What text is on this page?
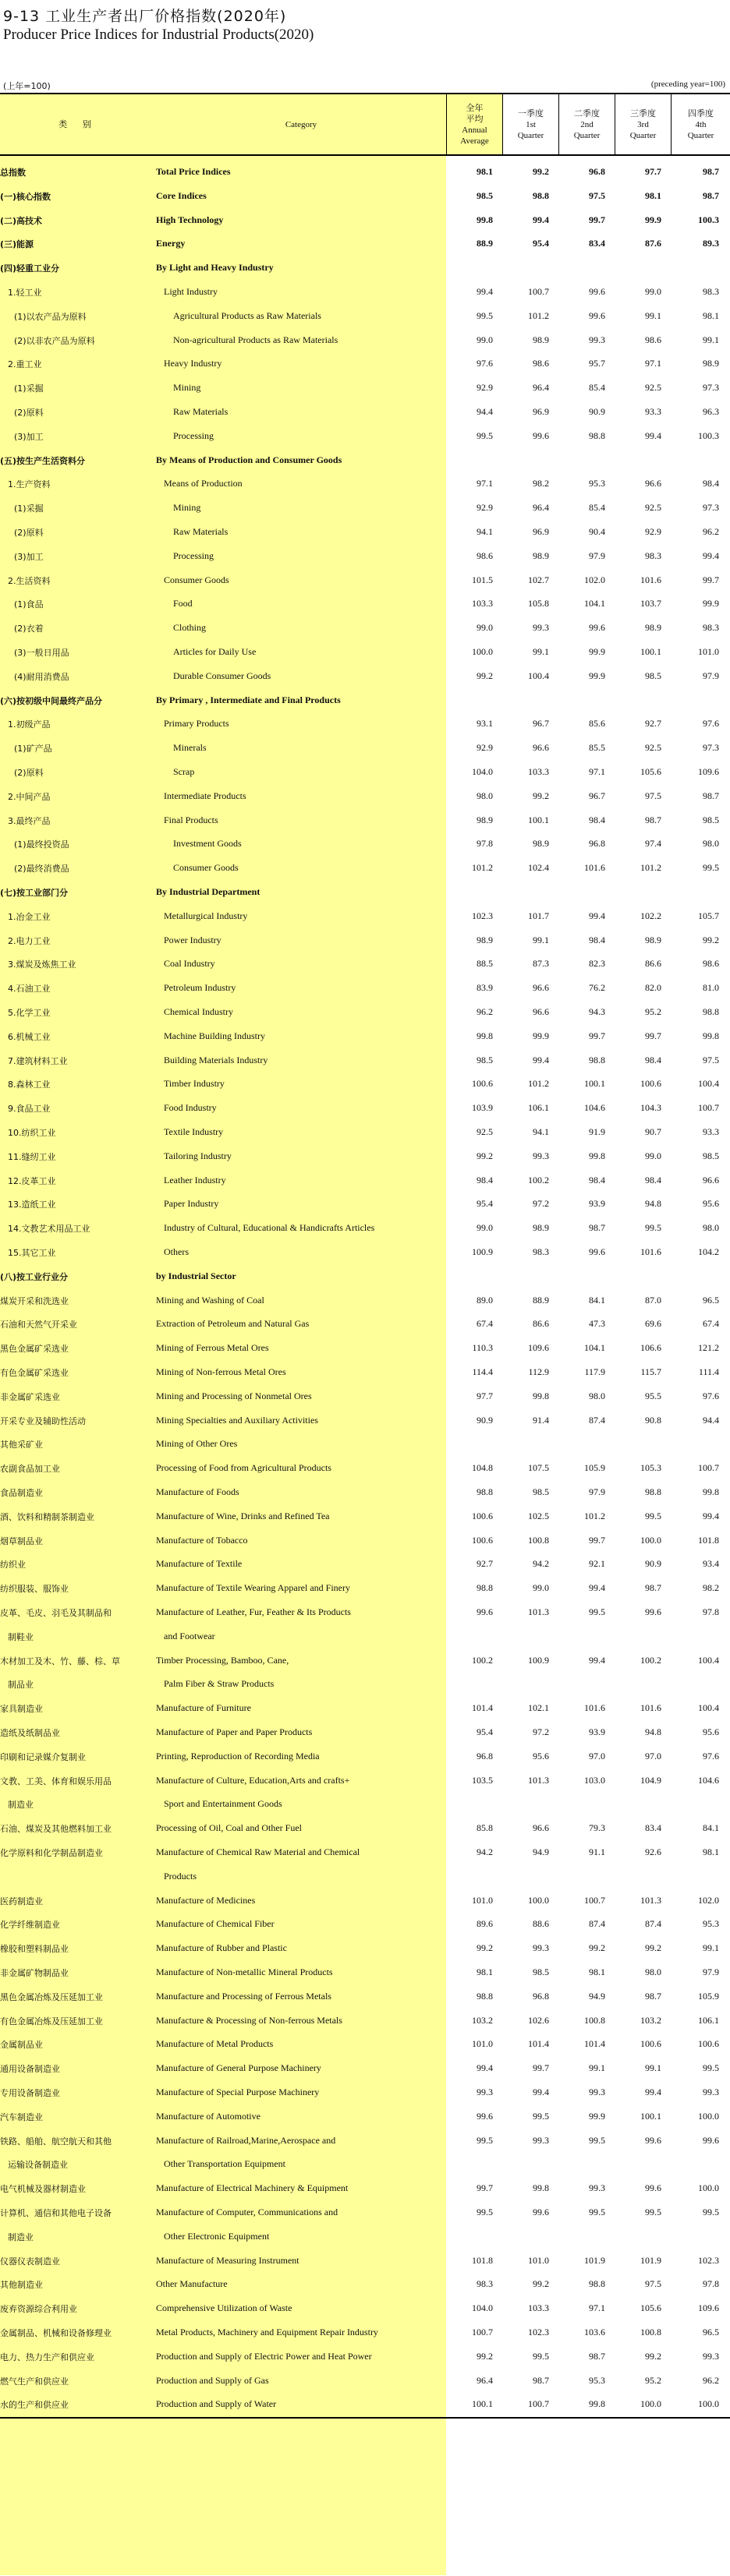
9-13 工业生产者出厂价格指数(2020年)
Producer Price Indices for Industrial Products(2020)
(上年=100)	(preceding year=100)
类 别	Category
全年
平均
Annual
Average
一季度
1st
Quarter
二季度
2nd
Quarter
三季度
3rd
Quarter
四季度
4th
Quarter
总指数	Total Price Indices	98.1	99.2	96.8	97.7	98.7
(一)核心指数	Core Indices	98.5	98.8	97.5	98.1	98.7
(二)高技术	High Technology	99.8	99.4	99.7	99.9	100.3
(三)能源	Energy	88.9	95.4	83.4	87.6	89.3
(四)轻重工业分	By Light and Heavy Industry
1.轻工业	Light Industry	99.4	100.7	99.6	99.0	98.3
(1)以农产品为原料	Agricultural Products as Raw Materials	99.5	101.2	99.6	99.1	98.1
(2)以非农产品为原料	Non-agricultural Products as Raw Materials	99.0	98.9	99.3	98.6	99.1
2.重工业	Heavy Industry	97.6	98.6	95.7	97.1	98.9
(1)采掘	Mining	92.9	96.4	85.4	92.5	97.3
(2)原料	Raw Materials	94.4	96.9	90.9	93.3	96.3
(3)加工	Processing	99.5	99.6	98.8	99.4	100.3
(五)按生产生活资料分	By Means of Production and Consumer Goods
1.生产资料	Means of Production	97.1	98.2	95.3	96.6	98.4
(1)采掘	Mining	92.9	96.4	85.4	92.5	97.3
(2)原料	Raw Materials	94.1	96.9	90.4	92.9	96.2
(3)加工	Processing	98.6	98.9	97.9	98.3	99.4
2.生活资料	Consumer Goods	101.5	102.7	102.0	101.6	99.7
(1)食品	Food	103.3	105.8	104.1	103.7	99.9
(2)衣着	Clothing	99.0	99.3	99.6	98.9	98.3
(3)一般日用品	Articles for Daily Use	100.0	99.1	99.9	100.1	101.0
(4)耐用消费品	Durable Consumer Goods	99.2	100.4	99.9	98.5	97.9
(六)按初级中间最终产品分	By Primary , Intermediate and Final Products
1.初级产品	Primary Products	93.1	96.7	85.6	92.7	97.6
(1)矿产品	Minerals	92.9	96.6	85.5	92.5	97.3
(2)原料	Scrap	104.0	103.3	97.1	105.6	109.6
2.中间产品	Intermediate Products	98.0	99.2	96.7	97.5	98.7
3.最终产品	Final Products	98.9	100.1	98.4	98.7	98.5
(1)最终投资品	Investment Goods	97.8	98.9	96.8	97.4	98.0
(2)最终消费品	Consumer Goods	101.2	102.4	101.6	101.2	99.5
(七)按工业部门分	By Industrial Department
1.冶金工业	Metallurgical Industry	102.3	101.7	99.4	102.2	105.7
2.电力工业	Power Industry	98.9	99.1	98.4	98.9	99.2
3.煤炭及炼焦工业	Coal Industry	88.5	87.3	82.3	86.6	98.6
4.石油工业	Petroleum Industry	83.9	96.6	76.2	82.0	81.0
5.化学工业	Chemical Industry	96.2	96.6	94.3	95.2	98.8
6.机械工业	Machine Building Industry	99.8	99.9	99.7	99.7	99.8
7.建筑材料工业	Building Materials Industry	98.5	99.4	98.8	98.4	97.5
8.森林工业	Timber Industry	100.6	101.2	100.1	100.6	100.4
9.食品工业	Food Industry	103.9	106.1	104.6	104.3	100.7
10.纺织工业	Textile Industry	92.5	94.1	91.9	90.7	93.3
11.缝纫工业	Tailoring Industry	99.2	99.3	99.8	99.0	98.5
12.皮革工业	Leather Industry	98.4	100.2	98.4	98.4	96.6
13.造纸工业	Paper Industry	95.4	97.2	93.9	94.8	95.6
14.文教艺术用品工业	Industry of Cultural, Educational & Handicrafts Articles	99.0	98.9	98.7	99.5	98.0
15.其它工业	Others	100.9	98.3	99.6	101.6	104.2
(八)按工业行业分	by Industrial Sector
煤炭开采和洗选业	Mining and Washing of Coal	89.0	88.9	84.1	87.0	96.5
石油和天然气开采业	Extraction of Petroleum and Natural Gas	67.4	86.6	47.3	69.6	67.4
黑色金属矿采选业	Mining of Ferrous Metal Ores	110.3	109.6	104.1	106.6	121.2
有色金属矿采选业	Mining of Non-ferrous Metal Ores	114.4	112.9	117.9	115.7	111.4
非金属矿采选业	Mining and Processing of Nonmetal Ores	97.7	99.8	98.0	95.5	97.6
开采专业及辅助性活动	Mining Specialties and Auxiliary Activities	90.9	91.4	87.4	90.8	94.4
其他采矿业	Mining of Other Ores
农副食品加工业	Processing of Food from Agricultural Products	104.8	107.5	105.9	105.3	100.7
食品制造业	Manufacture of Foods	98.8	98.5	97.9	98.8	99.8
酒、饮料和精制茶制造业	Manufacture of Wine, Drinks and Refined Tea	100.6	102.5	101.2	99.5	99.4
烟草制品业	Manufacture of Tobacco	100.6	100.8	99.7	100.0	101.8
纺织业	Manufacture of Textile	92.7	94.2	92.1	90.9	93.4
纺织服装、服饰业	Manufacture of Textile Wearing Apparel and Finery	98.8	99.0	99.4	98.7	98.2
皮革、毛皮、羽毛及其制品和	Manufacture of Leather, Fur, Feather & Its Products	99.6	101.3	99.5	99.6	97.8
制鞋业	and Footwear
木材加工及木、竹、藤、棕、草	Timber Processing, Bamboo, Cane,	100.2	100.9	99.4	100.2	100.4
制品业	Palm Fiber & Straw Products
家具制造业	Manufacture of Furniture	101.4	102.1	101.6	101.6	100.4
造纸及纸制品业	Manufacture of Paper and Paper Products	95.4	97.2	93.9	94.8	95.6
印刷和记录媒介复制业	Printing, Reproduction of Recording Media	96.8	95.6	97.0	97.0	97.6
文教、工美、体育和娱乐用品	Manufacture of Culture, Education,Arts and crafts+	103.5	101.3	103.0	104.9	104.6
制造业	Sport and Entertainment Goods
石油、煤炭及其他燃料加工业	Processing of Oil, Coal and Other Fuel	85.8	96.6	79.3	83.4	84.1
化学原料和化学制品制造业	Manufacture of Chemical Raw Material and Chemical	94.2	94.9	91.1	92.6	98.1
Products
医药制造业	Manufacture of Medicines	101.0	100.0	100.7	101.3	102.0
化学纤维制造业	Manufacture of Chemical Fiber	89.6	88.6	87.4	87.4	95.3
橡胶和塑料制品业	Manufacture of Rubber and Plastic	99.2	99.3	99.2	99.2	99.1
非金属矿物制品业	Manufacture of Non-metallic Mineral Products	98.1	98.5	98.1	98.0	97.9
黑色金属冶炼及压延加工业	Manufacture and Processing of Ferrous Metals	98.8	96.8	94.9	98.7	105.9
有色金属冶炼及压延加工业	Manufacture & Processing of Non-ferrous Metals	103.2	102.6	100.8	103.2	106.1
金属制品业	Manufacture of Metal Products	101.0	101.4	101.4	100.6	100.6
通用设备制造业	Manufacture of General Purpose Machinery	99.4	99.7	99.1	99.1	99.5
专用设备制造业	Manufacture of Special Purpose Machinery	99.3	99.4	99.3	99.4	99.3
汽车制造业	Manufacture of Automotive	99.6	99.5	99.9	100.1	100.0
铁路、船舶、航空航天和其他	Manufacture of Railroad,Marine,Aerospace and	99.5	99.3	99.5	99.6	99.6
运输设备制造业	Other Transportation Equipment
电气机械及器材制造业	Manufacture of Electrical Machinery & Equipment	99.7	99.8	99.3	99.6	100.0
计算机、通信和其他电子设备	Manufacture of Computer, Communications and	99.5	99.6	99.5	99.5	99.5
制造业	Other Electronic Equipment
仪器仪表制造业	Manufacture of Measuring Instrument	101.8	101.0	101.9	101.9	102.3
其他制造业	Other Manufacture	98.3	99.2	98.8	97.5	97.8
废弃资源综合利用业	Comprehensive Utilization of Waste	104.0	103.3	97.1	105.6	109.6
金属制品、机械和设备修理业	Metal Products, Machinery and Equipment Repair Industry	100.7	102.3	103.6	100.8	96.5
电力、热力生产和供应业	Production and Supply of Electric Power and Heat Power	99.2	99.5	98.7	99.2	99.3
燃气生产和供应业	Production and Supply of Gas	96.4	98.7	95.3	95.2	96.2
水的生产和供应业	Production and Supply of Water	100.1	100.7	99.8	100.0	100.0
